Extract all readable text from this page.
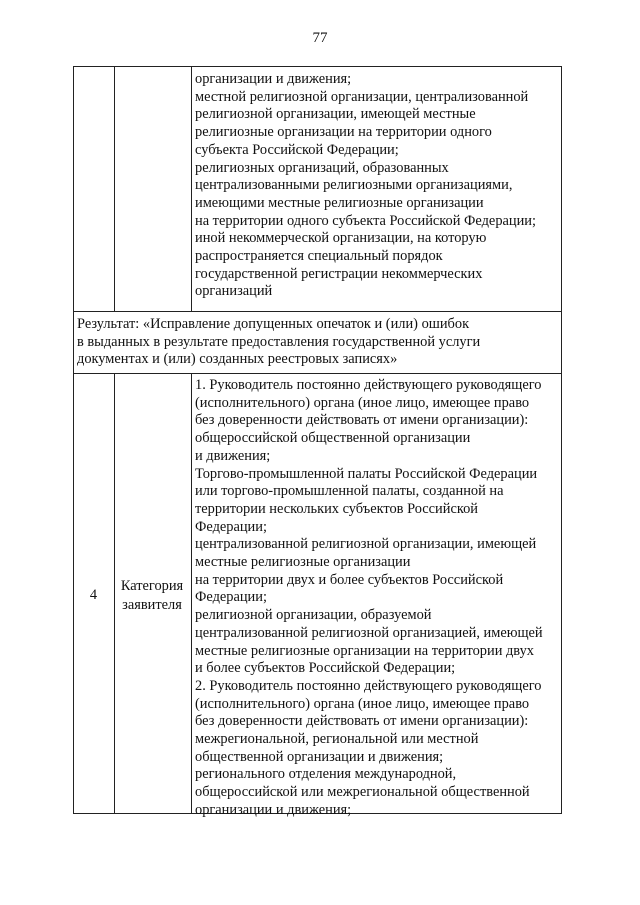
77

организации и движения;
местной религиозной организации, централизованной
религиозной организации, имеющей местные
религиозные организации на территории одного
субъекта Российской Федерации;
религиозных организаций, образованных
централизованными религиозными организациями,
имеющими местные религиозные организации
на территории одного субъекта Российской Федерации;
иной некоммерческой организации, на которую
распространяется специальный порядок
государственной регистрации некоммерческих
организаций

Результат: «Исправление допущенных опечаток и (или) ошибок
в выданных в результате предоставления государственной услуги
документах и (или) созданных реестровых записях»

4
Категория
заявителя

1. Руководитель постоянно действующего руководящего
(исполнительного) органа (иное лицо, имеющее право
без доверенности действовать от имени организации):
общероссийской общественной организации
и движения;
Торгово-промышленной палаты Российской Федерации
или торгово-промышленной палаты, созданной на
территории нескольких субъектов Российской
Федерации;
централизованной религиозной организации, имеющей
местные религиозные организации
на территории двух и более субъектов Российской
Федерации;
религиозной организации, образуемой
централизованной религиозной организацией, имеющей
местные религиозные организации на территории двух
и более субъектов Российской Федерации;
2. Руководитель постоянно действующего руководящего
(исполнительного) органа (иное лицо, имеющее право
без доверенности действовать от имени организации):
межрегиональной, региональной или местной
общественной организации и движения;
регионального отделения международной,
общероссийской или межрегиональной общественной
организации и движения;
